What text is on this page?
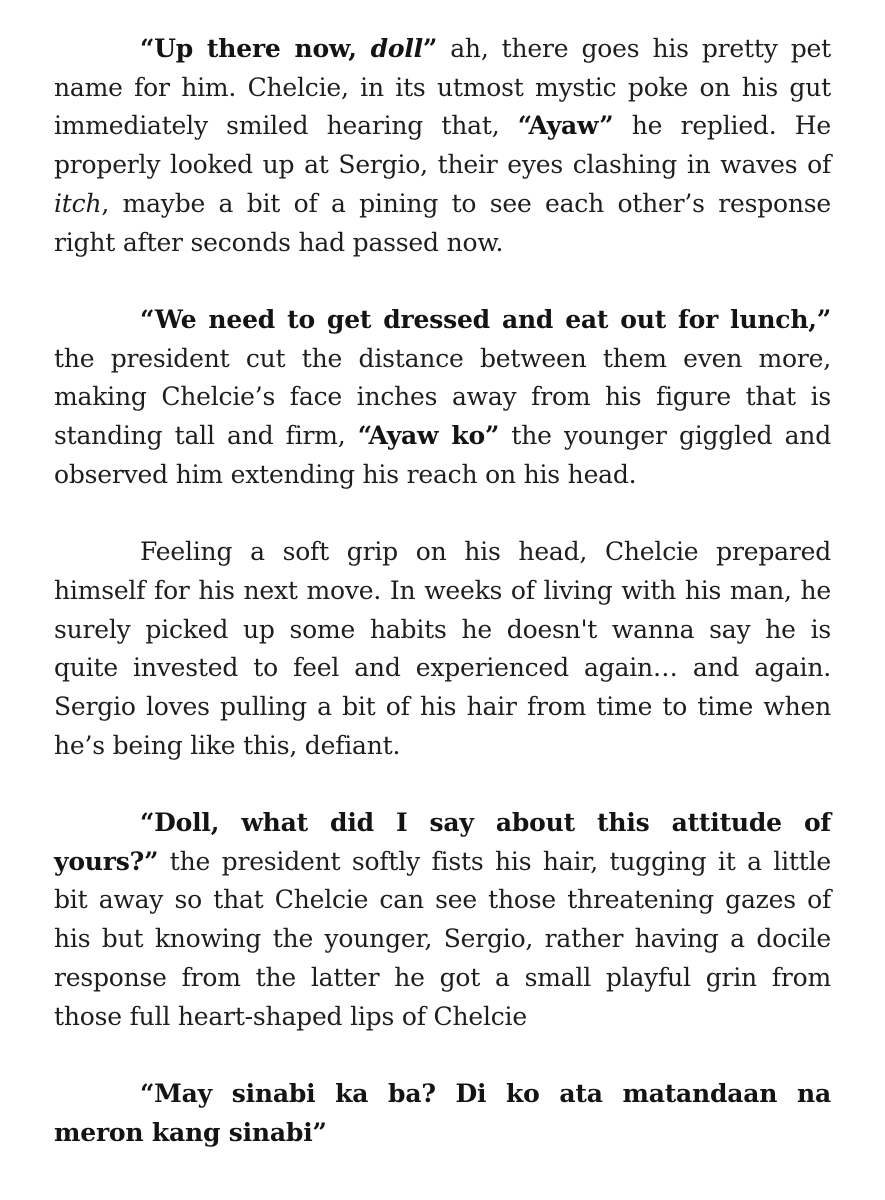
“Up there now, doll” ah, there goes his pretty pet name for him. Chelcie, in its utmost mystic poke on his gut immediately smiled hearing that, “Ayaw” he replied. He properly looked up at Sergio, their eyes clashing in waves of itch, maybe a bit of a pining to see each other’s response right after seconds had passed now.

“We need to get dressed and eat out for lunch,” the president cut the distance between them even more, making Chelcie’s face inches away from his figure that is standing tall and firm, “Ayaw ko” the younger giggled and observed him extending his reach on his head.

Feeling a soft grip on his head, Chelcie prepared himself for his next move. In weeks of living with his man, he surely picked up some habits he doesn't wanna say he is quite invested to feel and experienced again… and again. Sergio loves pulling a bit of his hair from time to time when he’s being like this, defiant.

“Doll, what did I say about this attitude of yours?” the president softly fists his hair, tugging it a little bit away so that Chelcie can see those threatening gazes of his but knowing the younger, Sergio, rather having a docile response from the latter he got a small playful grin from those full heart-shaped lips of Chelcie

“May sinabi ka ba? Di ko ata matandaan na meron kang sinabi”
